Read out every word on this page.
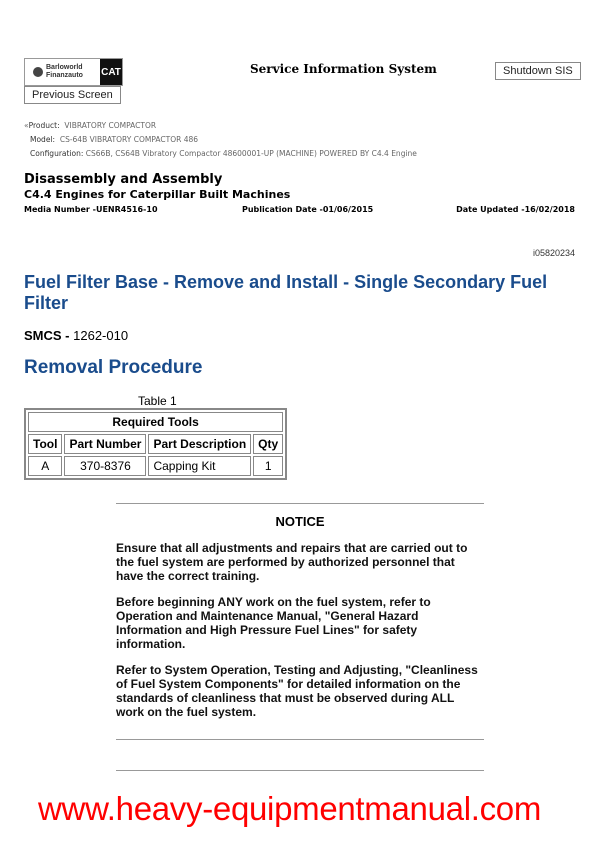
Barloworld Finanzauto	CAT	Service Information System	Shutdown SIS
Previous Screen
«Product: VIBRATORY COMPACTOR
Model: CS-64B VIBRATORY COMPACTOR 486
Configuration: CS66B, CS64B Vibratory Compactor 48600001-UP (MACHINE) POWERED BY C4.4 Engine
Disassembly and Assembly
C4.4 Engines for Caterpillar Built Machines
Media Number -UENR4516-10	Publication Date -01/06/2015	Date Updated -16/02/2018
i05820234
Fuel Filter Base - Remove and Install - Single Secondary Fuel Filter
SMCS - 1262-010
Removal Procedure
Table 1
Required Tools			
Tool	Part Number	Part Description	Qty
A	370-8376	Capping Kit	1
NOTICE
Ensure that all adjustments and repairs that are carried out to the fuel system are performed by authorized personnel that have the correct training.
Before beginning ANY work on the fuel system, refer to Operation and Maintenance Manual, "General Hazard Information and High Pressure Fuel Lines" for safety information.
Refer to System Operation, Testing and Adjusting, "Cleanliness of Fuel System Components" for detailed information on the standards of cleanliness that must be observed during ALL work on the fuel system.
www.heavy-equipmentmanual.com
